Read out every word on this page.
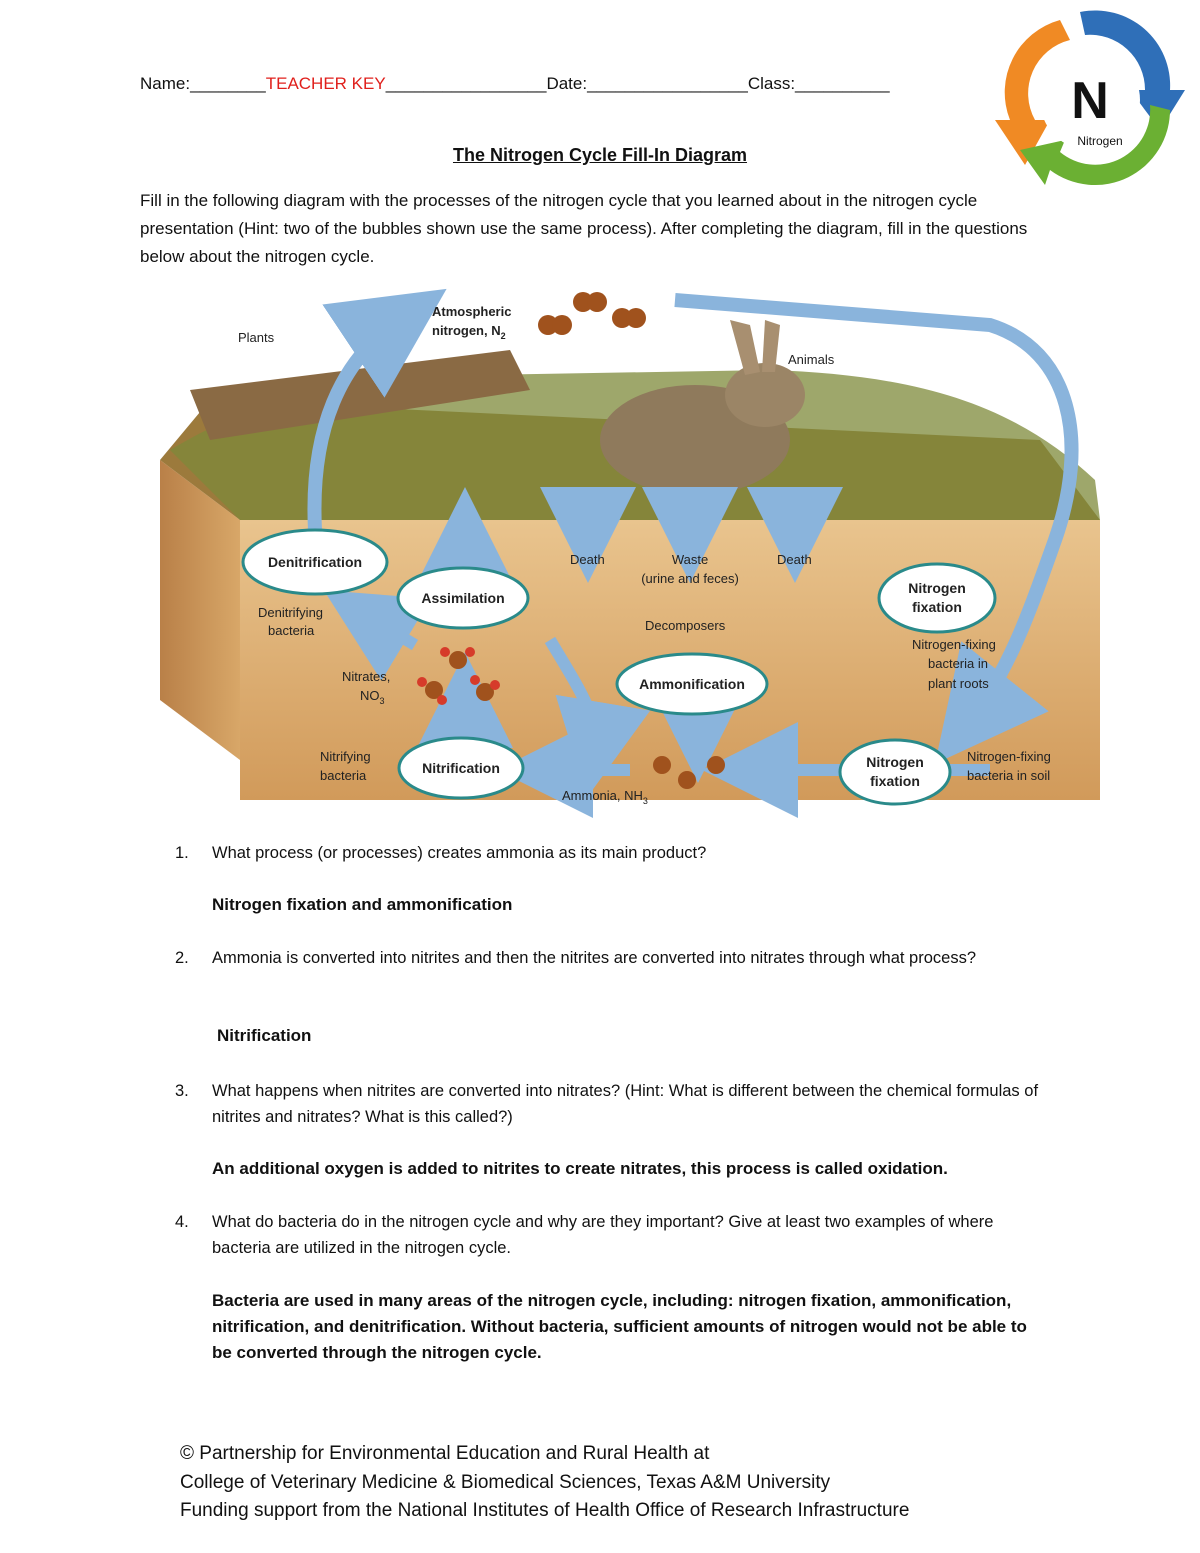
Name:________TEACHER KEY_________________Date:_________________Class:__________	N
Nitrogen
The Nitrogen Cycle Fill-In Diagram
Fill in the following diagram with the processes of the nitrogen cycle that you learned about in the nitrogen cycle presentation (Hint: two of the bubbles shown use the same process). After completing the diagram, fill in the questions below about the nitrogen cycle.
Denitrification
Assimilation
Ammonification
Nitrification
Nitrogen
fixation
Nitrogen
fixation
Plants
Atmospheric
nitrogen, $N_2$
Animals
Death	Waste
(urine and feces)
Death
Decomposers
Denitrifying
bacteria
Nitrates,
$NO_3$
Nitrifying
bacteria
Ammonia, $NH_3$
Nitrogen-fixing
bacteria in
plant roots
Nitrogen-fixing
bacteria in soil
1. What process (or processes) creates ammonia as its main product?
Nitrogen fixation and ammonification
2. Ammonia is converted into nitrites and then the nitrites are converted into nitrates through what process?
Nitrification
3. What happens when nitrites are converted into nitrates? (Hint: What is different between the chemical formulas of nitrites and nitrates? What is this called?)
An additional oxygen is added to nitrites to create nitrates, this process is called oxidation.
4. What do bacteria do in the nitrogen cycle and why are they important? Give at least two examples of where bacteria are utilized in the nitrogen cycle.
Bacteria are used in many areas of the nitrogen cycle, including: nitrogen fixation, ammonification, nitrification, and denitrification. Without bacteria, sufficient amounts of nitrogen would not be able to be converted through the nitrogen cycle.
© Partnership for Environmental Education and Rural Health at
College of Veterinary Medicine & Biomedical Sciences, Texas A&M University
Funding support from the National Institutes of Health Office of Research Infrastructure
